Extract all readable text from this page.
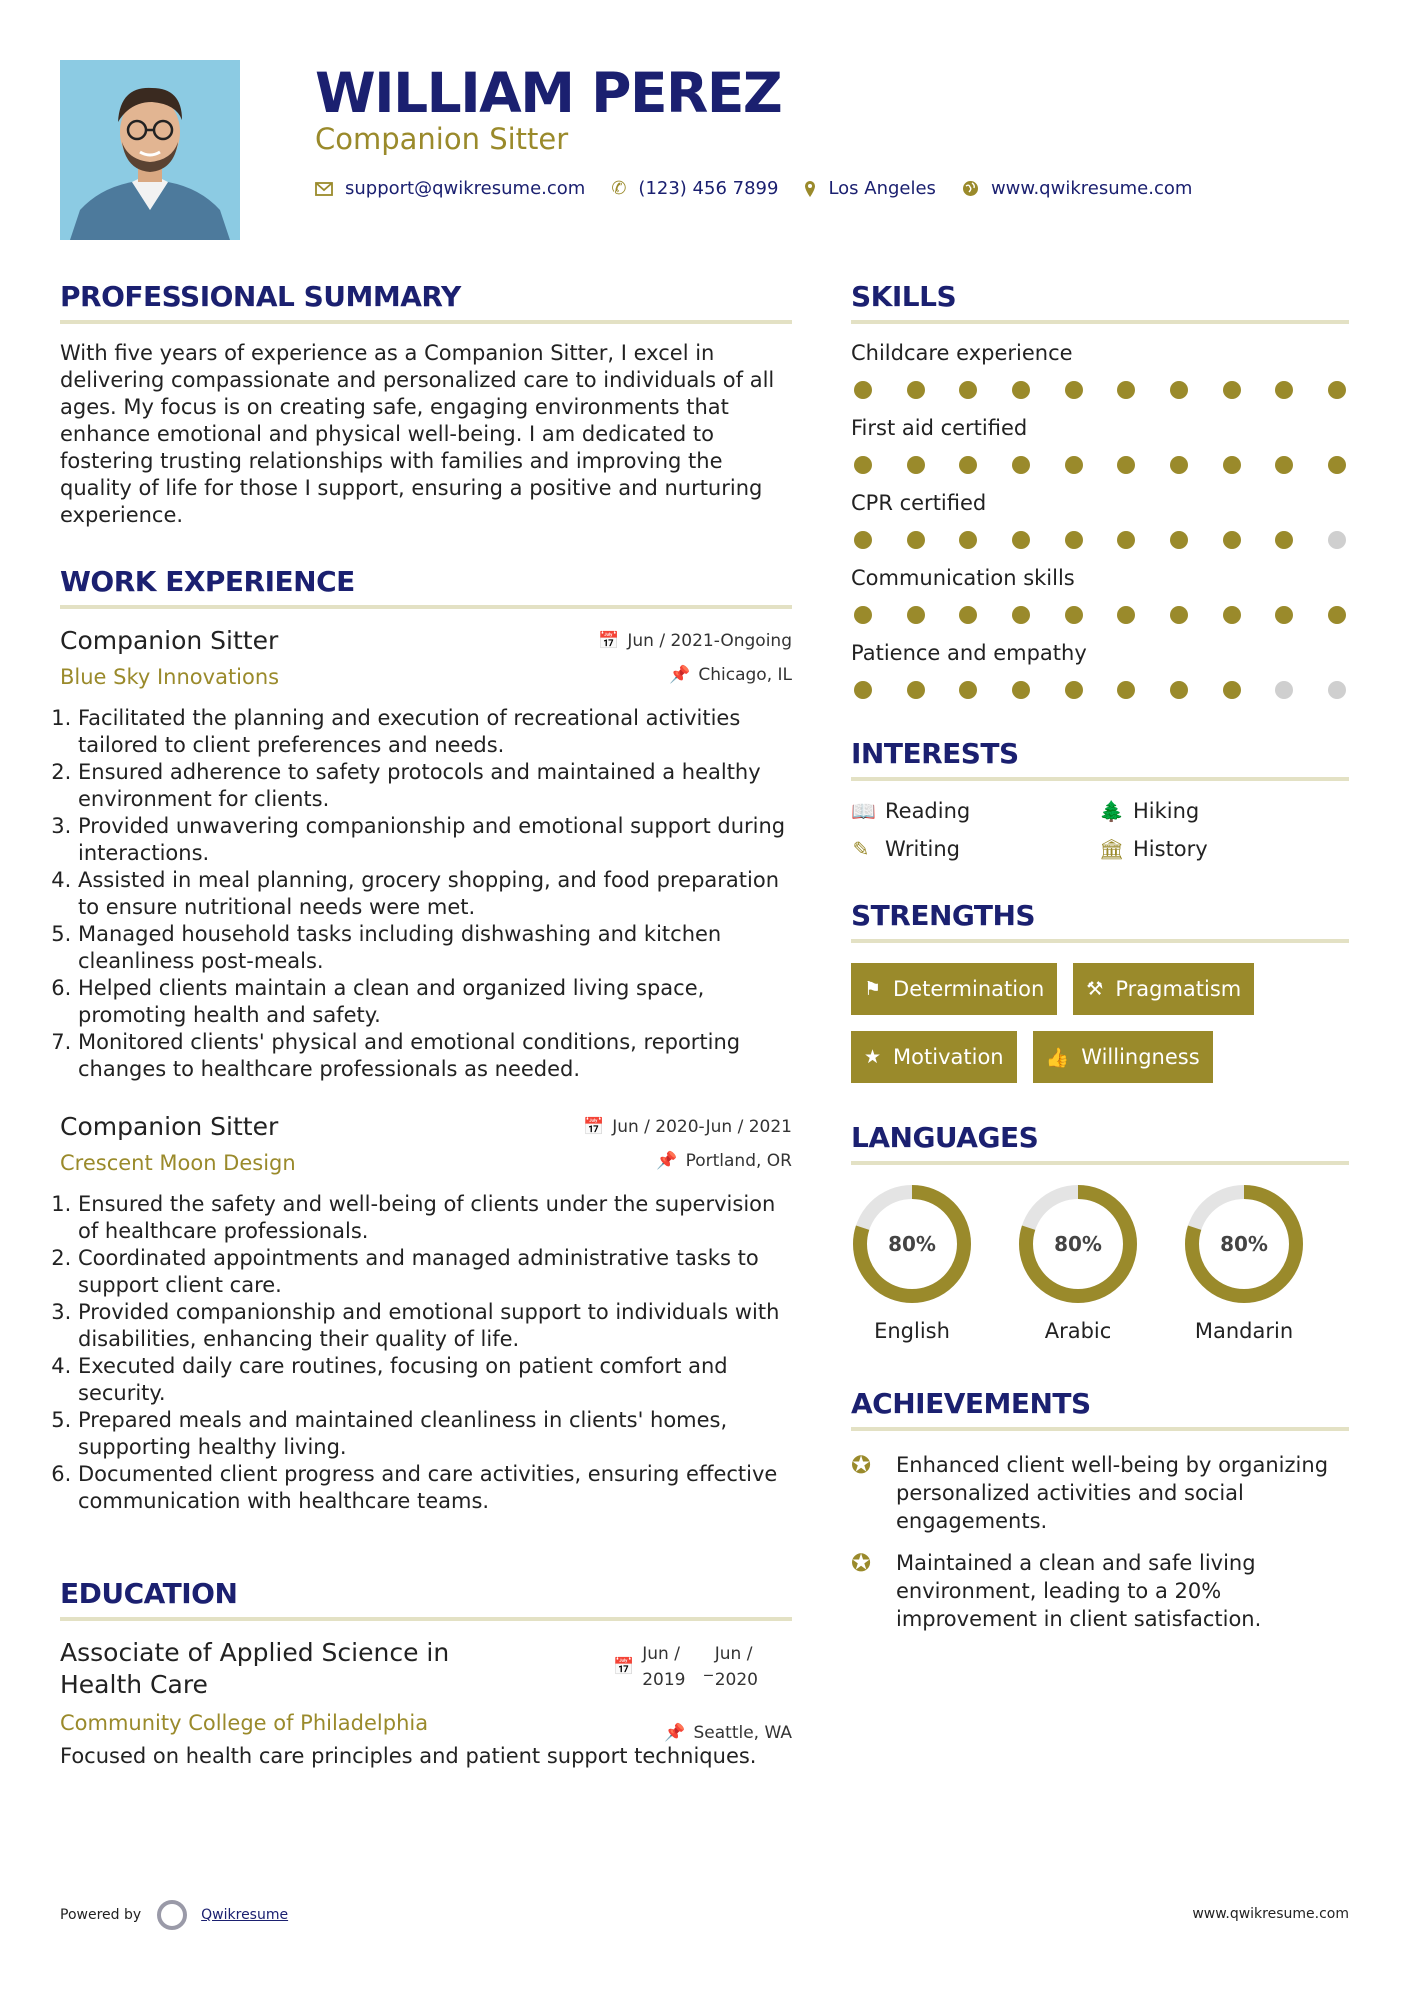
WILLIAM PEREZ
Companion Sitter
support@qwikresume.com ✆ (123) 456 7899	Los Angeles	www.qwikresume.com
PROFESSIONAL SUMMARY
With five years of experience as a Companion Sitter, I excel in delivering compassionate and personalized care to individuals of all ages. My focus is on creating safe, engaging environments that enhance emotional and physical well-being. I am dedicated to fostering trusting relationships with families and improving the quality of life for those I support, ensuring a positive and nurturing experience.
WORK EXPERIENCE
Companion Sitter
Blue Sky Innovations
📅 Jun / 2021-Ongoing
📌 Chicago, IL
1. Facilitated the planning and execution of recreational activities tailored to client preferences and needs.
2. Ensured adherence to safety protocols and maintained a healthy environment for clients.
3. Provided unwavering companionship and emotional support during interactions.
4. Assisted in meal planning, grocery shopping, and food preparation to ensure nutritional needs were met.
5. Managed household tasks including dishwashing and kitchen cleanliness post-meals.
6. Helped clients maintain a clean and organized living space, promoting health and safety.
7. Monitored clients' physical and emotional conditions, reporting changes to healthcare professionals as needed.
Companion Sitter
Crescent Moon Design
📅 Jun / 2020-Jun / 2021
📌 Portland, OR
1. Ensured the safety and well-being of clients under the supervision of healthcare professionals.
2. Coordinated appointments and managed administrative tasks to support client care.
3. Provided companionship and emotional support to individuals with disabilities, enhancing their quality of life.
4. Executed daily care routines, focusing on patient comfort and security.
5. Prepared meals and maintained cleanliness in clients' homes, supporting healthy living.
6. Documented client progress and care activities, ensuring effective communication with healthcare teams.
EDUCATION
Associate of Applied Science in
Health Care
Community College of Philadelphia
📅
Jun /
2019
_
Jun /
2020
📌 Seattle, WA
Focused on health care principles and patient support techniques.
SKILLS
Childcare experience
First aid certified
CPR certified
Communication skills
Patience and empathy
INTERESTS
📖 Reading	🌲 Hiking
✎ Writing	🏛 History
STRENGTHS
⚑ Determination ⚒ Pragmatism
★ Motivation 👍 Willingness
LANGUAGES
80%
English
80%
Arabic
80%
Mandarin
ACHIEVEMENTS
✪	Enhanced client well-being by organizing personalized activities and social engagements.
✪	Maintained a clean and safe living environment, leading to a 20% improvement in client satisfaction.
Powered by	Qwikresume	www.qwikresume.com
